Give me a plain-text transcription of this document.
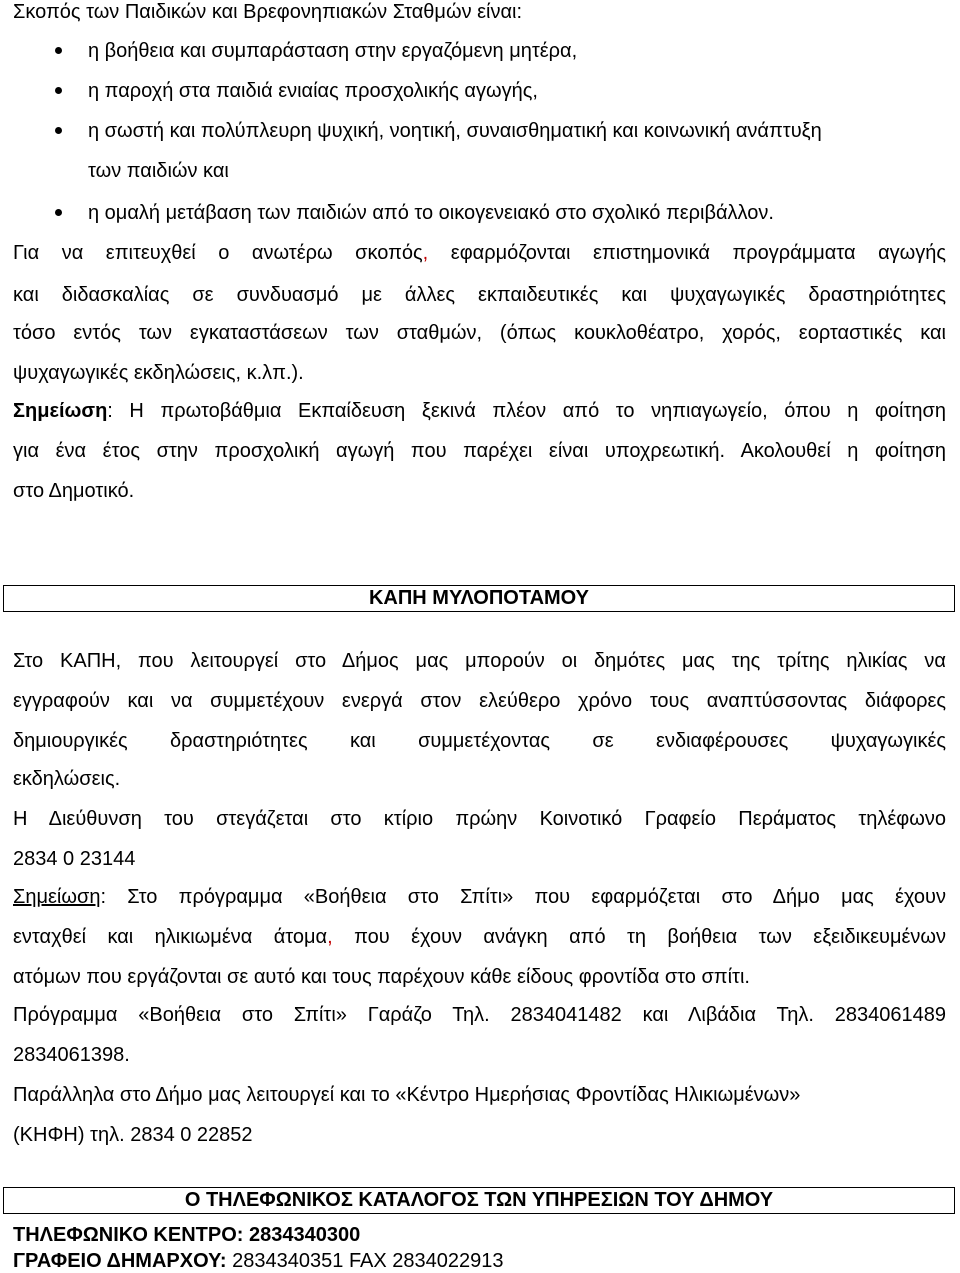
Σκοπός των Παιδικών και Βρεφονηπιακών Σταθμών είναι:
η βοήθεια και συμπαράσταση στην εργαζόμενη μητέρα,
η παροχή στα παιδιά ενιαίας προσχολικής αγωγής,
η σωστή και πολύπλευρη ψυχική, νοητική, συναισθηματική και κοινωνική ανάπτυξη
των παιδιών και
η ομαλή μετάβαση των παιδιών από το οικογενειακό στο σχολικό περιβάλλον.
Για να επιτευχθεί ο ανωτέρω σκοπός, εφαρμόζονται επιστημονικά προγράμματα αγωγής
και διδασκαλίας σε συνδυασμό με άλλες εκπαιδευτικές και ψυχαγωγικές δραστηριότητες
τόσο εντός των εγκαταστάσεων των σταθμών, (όπως κουκλοθέατρο, χορός, εορταστικές και
ψυχαγωγικές εκδηλώσεις, κ.λπ.).
Σημείωση: Η πρωτοβάθμια Εκπαίδευση ξεκινά πλέον από το νηπιαγωγείο, όπου η φοίτηση
για ένα έτος στην προσχολική αγωγή που παρέχει είναι υποχρεωτική. Ακολουθεί η φοίτηση
στο Δημοτικό.
ΚΑΠΗ ΜΥΛΟΠΟΤΑΜΟΥ
Στο ΚΑΠΗ, που λειτουργεί στο Δήμος μας μπορούν οι δημότες μας της τρίτης ηλικίας να
εγγραφούν και να συμμετέχουν ενεργά στον ελεύθερο χρόνο τους αναπτύσσοντας διάφορες
δημιουργικές δραστηριότητες και συμμετέχοντας σε ενδιαφέρουσες ψυχαγωγικές
εκδηλώσεις.
Η Διεύθυνση του στεγάζεται στο κτίριο πρώην Κοινοτικό Γραφείο Περάματος τηλέφωνο
2834 0 23144
Σημείωση: Στο πρόγραμμα «Βοήθεια στο Σπίτι» που εφαρμόζεται στο Δήμο μας έχουν
ενταχθεί και ηλικιωμένα άτομα, που έχουν ανάγκη από τη βοήθεια των εξειδικευμένων
ατόμων που εργάζονται σε αυτό και τους παρέχουν κάθε είδους φροντίδα στο σπίτι.
Πρόγραμμα «Βοήθεια στο Σπίτι» Γαράζο Τηλ. 2834041482 και Λιβάδια Τηλ. 2834061489
2834061398.
Παράλληλα στο Δήμο μας λειτουργεί και το «Κέντρο Ημερήσιας Φροντίδας Ηλικιωμένων»
(ΚΗΦΗ) τηλ. 2834 0 22852
Ο ΤΗΛΕΦΩΝΙΚΟΣ ΚΑΤΑΛΟΓΟΣ ΤΩΝ ΥΠΗΡΕΣΙΩΝ ΤΟΥ ΔΗΜΟΥ
ΤΗΛΕΦΩΝΙΚΟ ΚΕΝΤΡΟ: 2834340300
ΓΡΑΦΕΙΟ ΔΗΜΑΡΧΟΥ: 2834340351 FAX 2834022913
